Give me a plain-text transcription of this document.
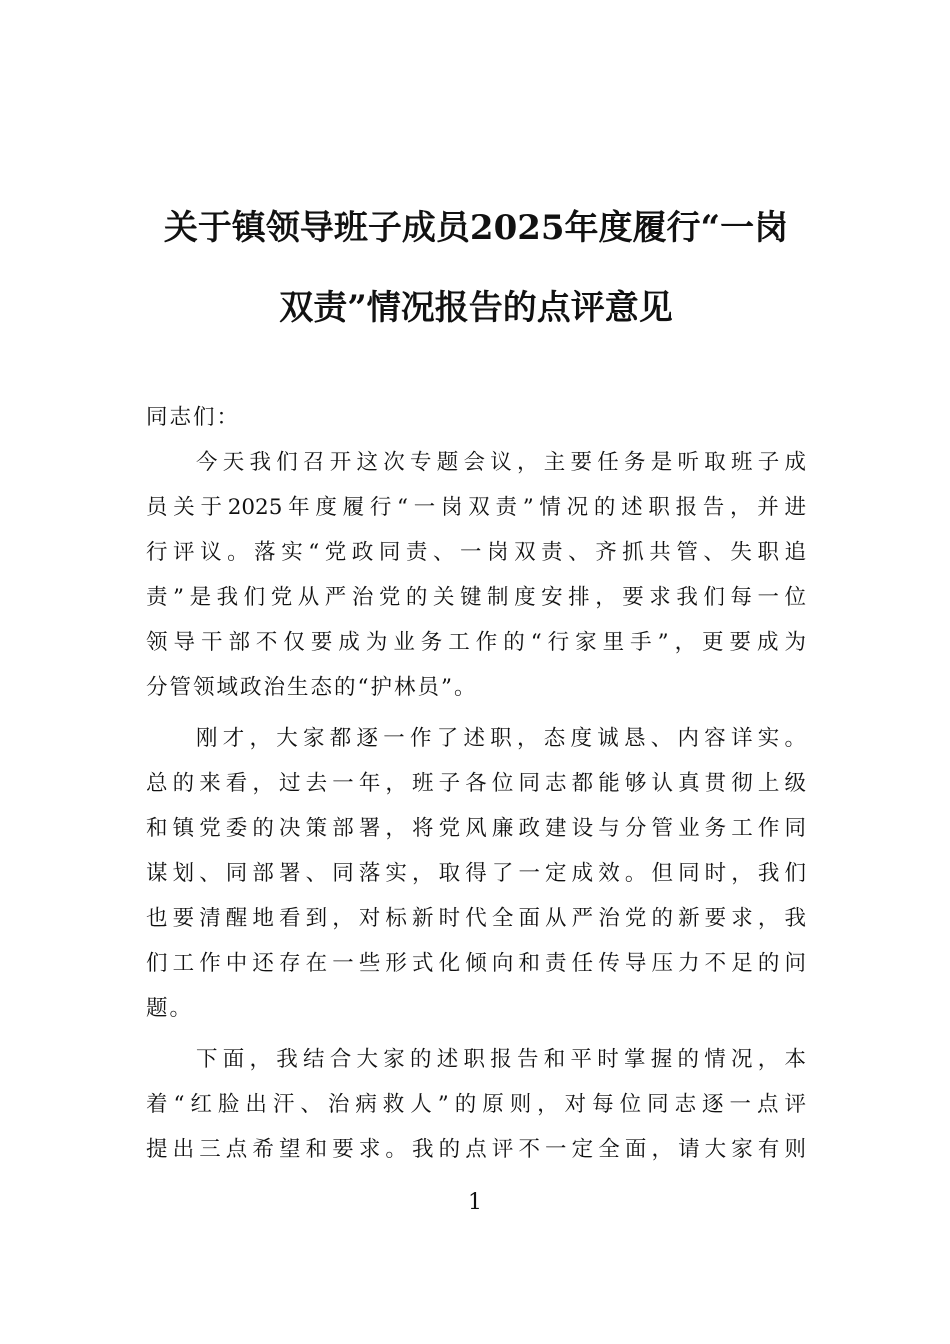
关于镇领导班子成员2025年度履行“一岗
双责”情况报告的点评意见
同志们：
今天我们召开这次专题会议，主要任务是听取班子成
员关于2025年度履行“一岗双责”情况的述职报告，并进
行评议。落实“党政同责、一岗双责、齐抓共管、失职追
责”是我们党从严治党的关键制度安排，要求我们每一位
领导干部不仅要成为业务工作的“行家里手”，更要成为
分管领域政治生态的“护林员”。
刚才，大家都逐一作了述职，态度诚恳、内容详实。
总的来看，过去一年，班子各位同志都能够认真贯彻上级
和镇党委的决策部署，将党风廉政建设与分管业务工作同
谋划、同部署、同落实，取得了一定成效。但同时，我们
也要清醒地看到，对标新时代全面从严治党的新要求，我
们工作中还存在一些形式化倾向和责任传导压力不足的问
题。
下面，我结合大家的述职报告和平时掌握的情况，本
着“红脸出汗、治病救人”的原则，对每位同志逐一点评
提出三点希望和要求。我的点评不一定全面，请大家有则
1
